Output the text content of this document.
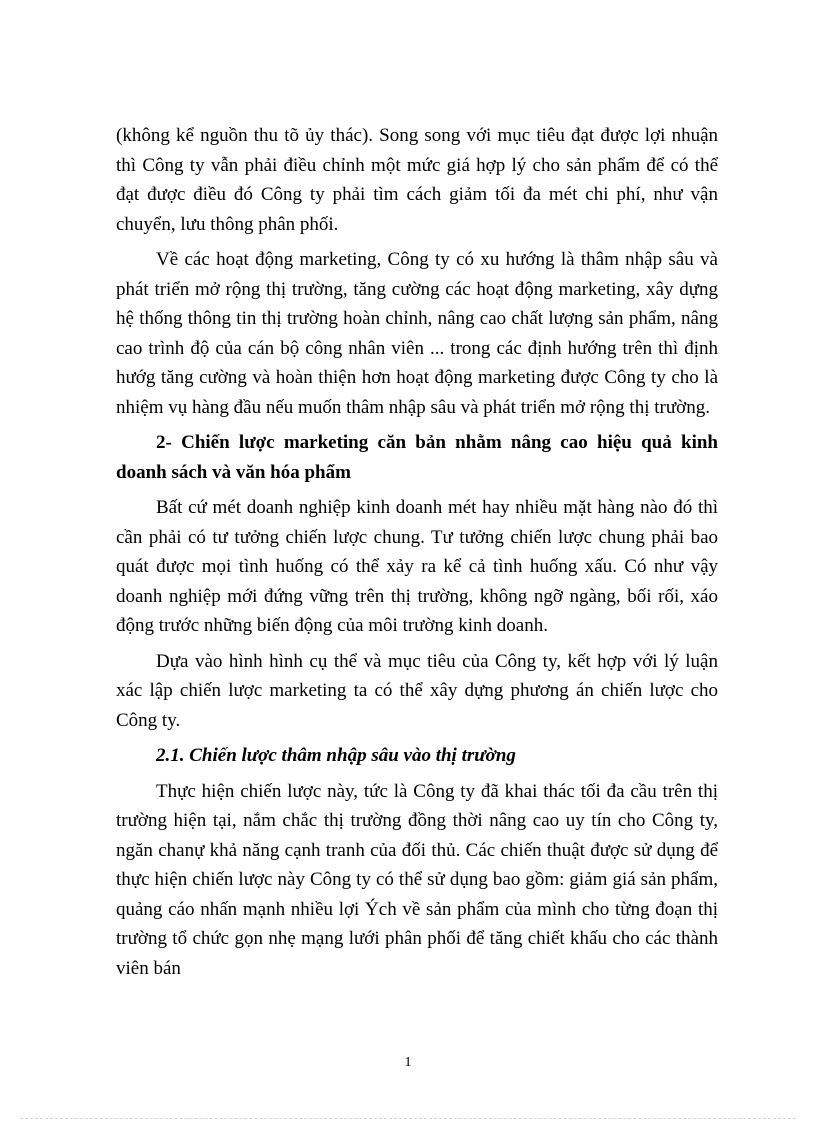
(không kể nguồn thu tõ ủy thác). Song song với mục tiêu đạt được lợi nhuận thì Công ty vẫn phải điều chỉnh một mức giá hợp lý cho sản phẩm để có thể đạt được điều đó Công ty phải tìm cách giảm tối đa mét chi phí, như vận chuyển, lưu thông phân phối.

Về các hoạt động marketing, Công ty có xu hướng là thâm nhập sâu và phát triển mở rộng thị trường, tăng cường các hoạt động marketing, xây dựng hệ thống thông tin thị trường hoàn chỉnh, nâng cao chất lượng sản phẩm, nâng cao trình độ của cán bộ công nhân viên ... trong các định hướng trên thì định hướg tăng cường và hoàn thiện hơn hoạt động marketing được Công ty cho là nhiệm vụ hàng đầu nếu muốn thâm nhập sâu và phát triển mở rộng thị trường.

2- Chiến lược marketing căn bản nhằm nâng cao hiệu quả kinh doanh sách và văn hóa phẩm

Bất cứ mét doanh nghiệp kinh doanh mét hay nhiều mặt hàng nào đó thì cần phải có tư tưởng chiến lược chung. Tư tưởng chiến lược chung phải bao quát được mọi tình huống có thể xảy ra kể cả tình huống xấu. Có như vậy doanh nghiệp mới đứng vững trên thị trường, không ngỡ ngàng, bối rối, xáo động trước những biến động của môi trường kinh doanh.

Dựa vào hình hình cụ thể và mục tiêu của Công ty, kết hợp với lý luận xác lập chiến lược marketing ta có thể xây dựng phương án chiến lược cho Công ty.

2.1. Chiến lược thâm nhập sâu vào thị trường

Thực hiện chiến lược này, tức là Công ty đã khai thác tối đa cầu trên thị trường hiện tại, nắm chắc thị trường đồng thời nâng cao uy tín cho Công ty, ngăn chanự khả năng cạnh tranh của đối thủ. Các chiến thuật được sử dụng để thực hiện chiến lược này Công ty có thể sử dụng bao gồm: giảm giá sản phẩm, quảng cáo nhấn mạnh nhiều lợi Ých về sản phẩm của mình cho từng đoạn thị trường tổ chức gọn nhẹ mạng lưới phân phối để tăng chiết khấu cho các thành viên bán

1
